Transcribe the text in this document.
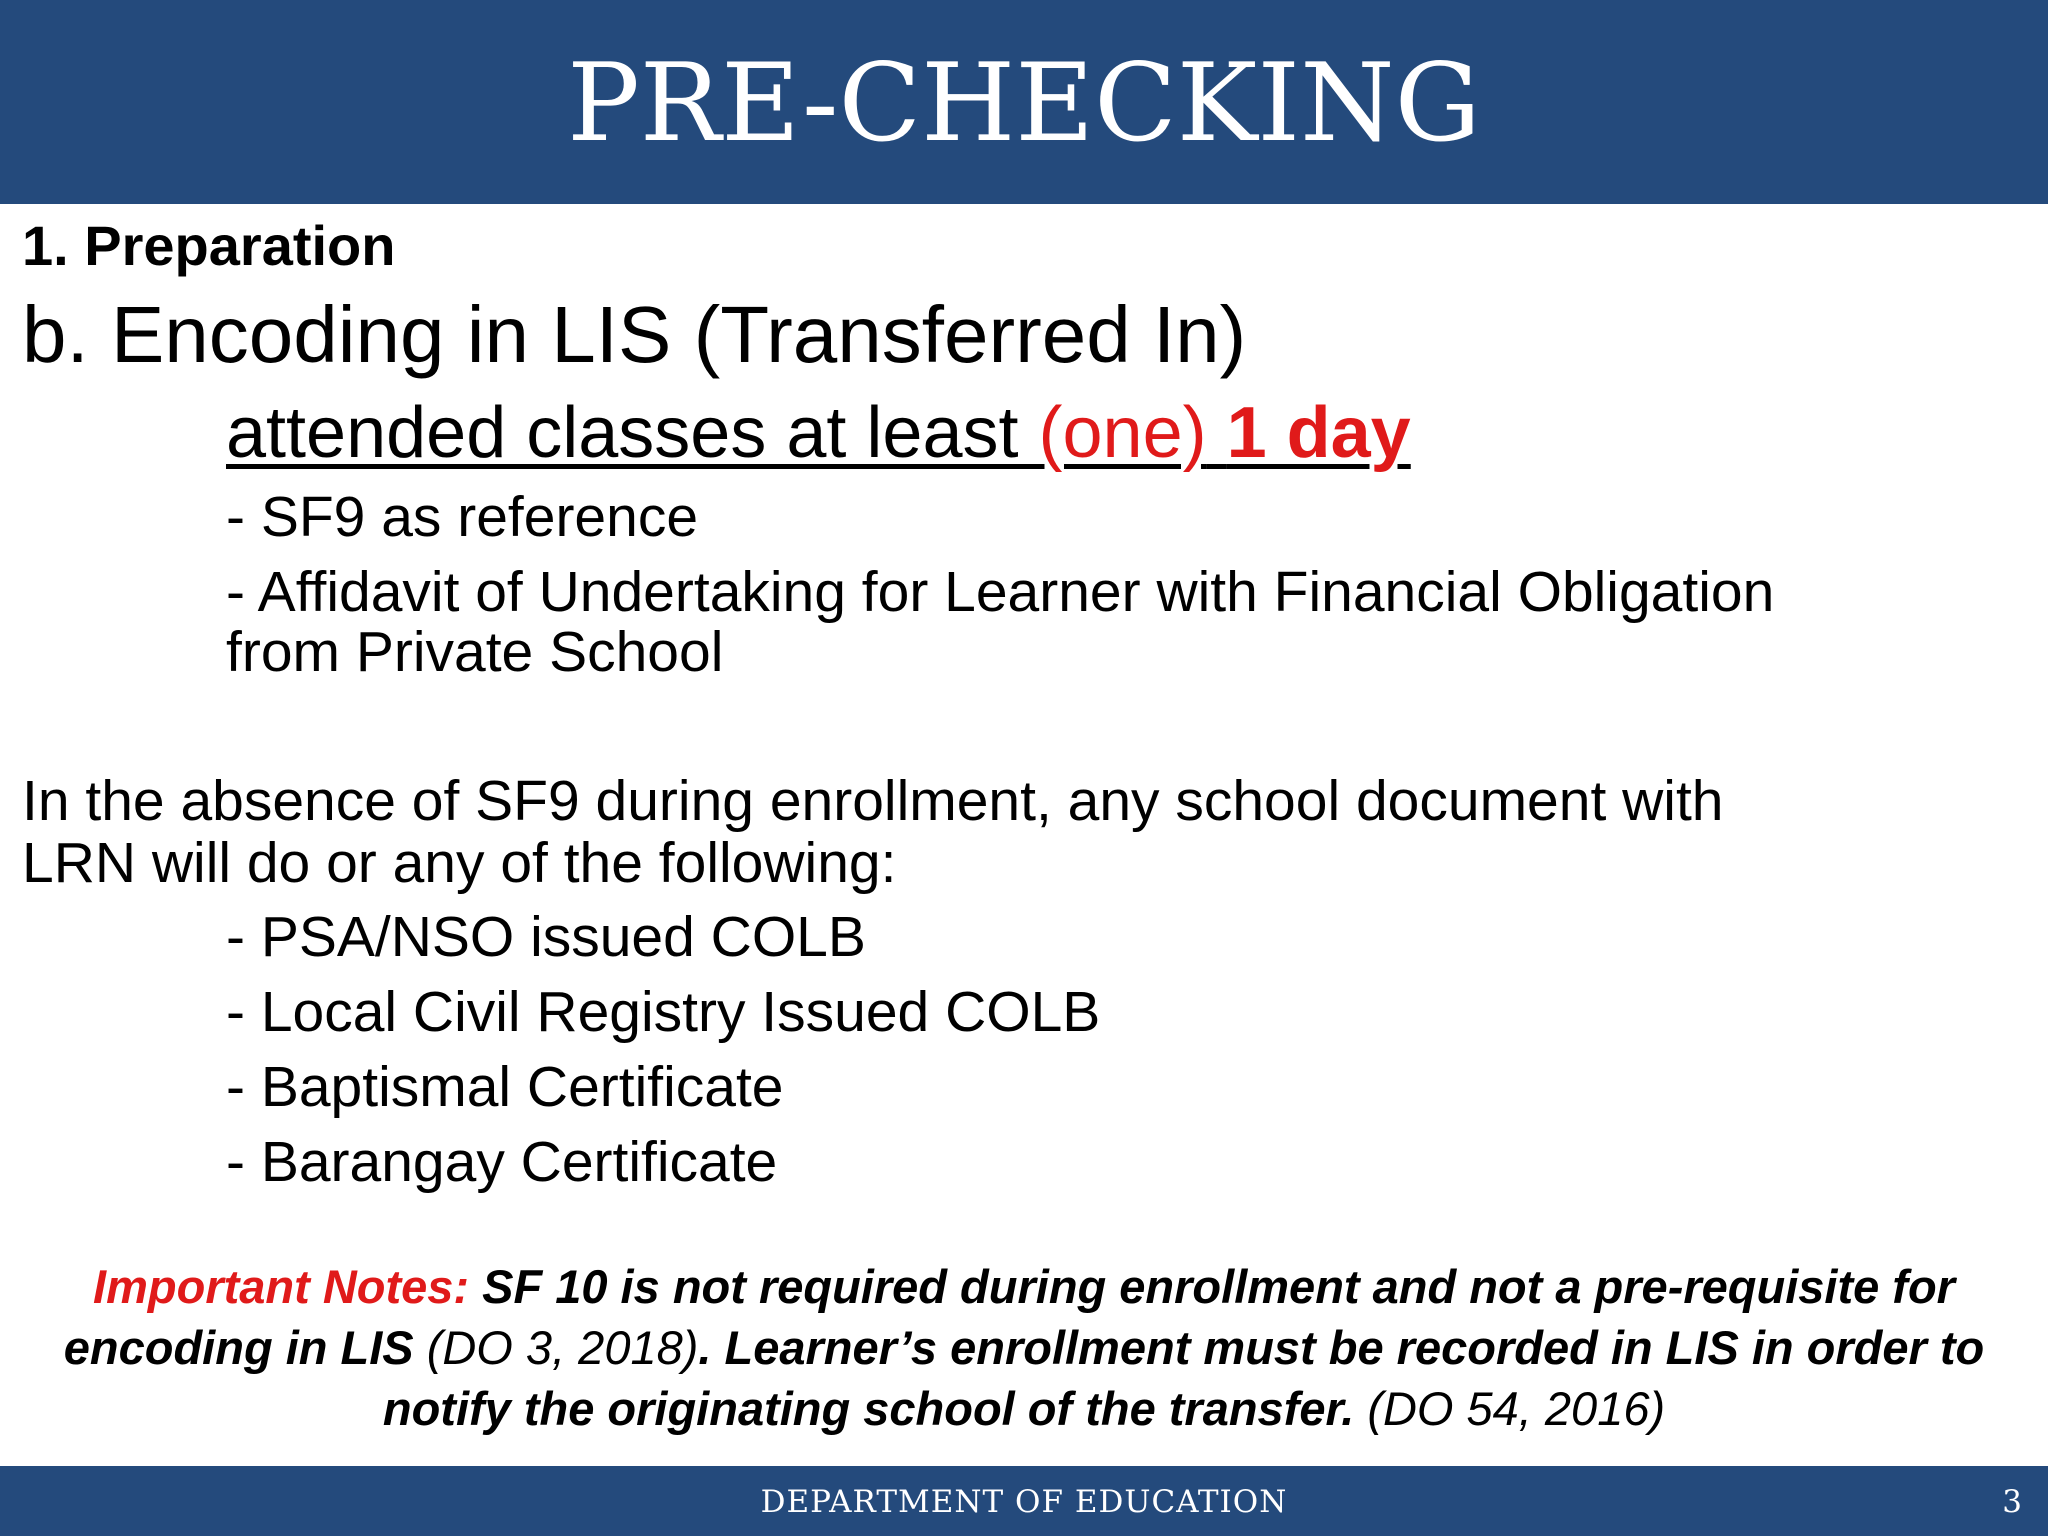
PRE-CHECKING
1. Preparation
b. Encoding in LIS (Transferred In)
attended classes at least (one) 1 day
- SF9 as reference
- Affidavit of Undertaking for Learner with Financial Obligation
from Private School
In the absence of SF9 during enrollment, any school document with
LRN will do or any of the following:
- PSA/NSO issued COLB
- Local Civil Registry Issued COLB
- Baptismal Certificate
- Barangay Certificate
Important Notes: SF 10 is not required during enrollment and not a pre-requisite for encoding in LIS (DO 3, 2018). Learner’s enrollment must be recorded in LIS in order to notify the originating school of the transfer. (DO 54, 2016)
DEPARTMENT OF EDUCATION	3
